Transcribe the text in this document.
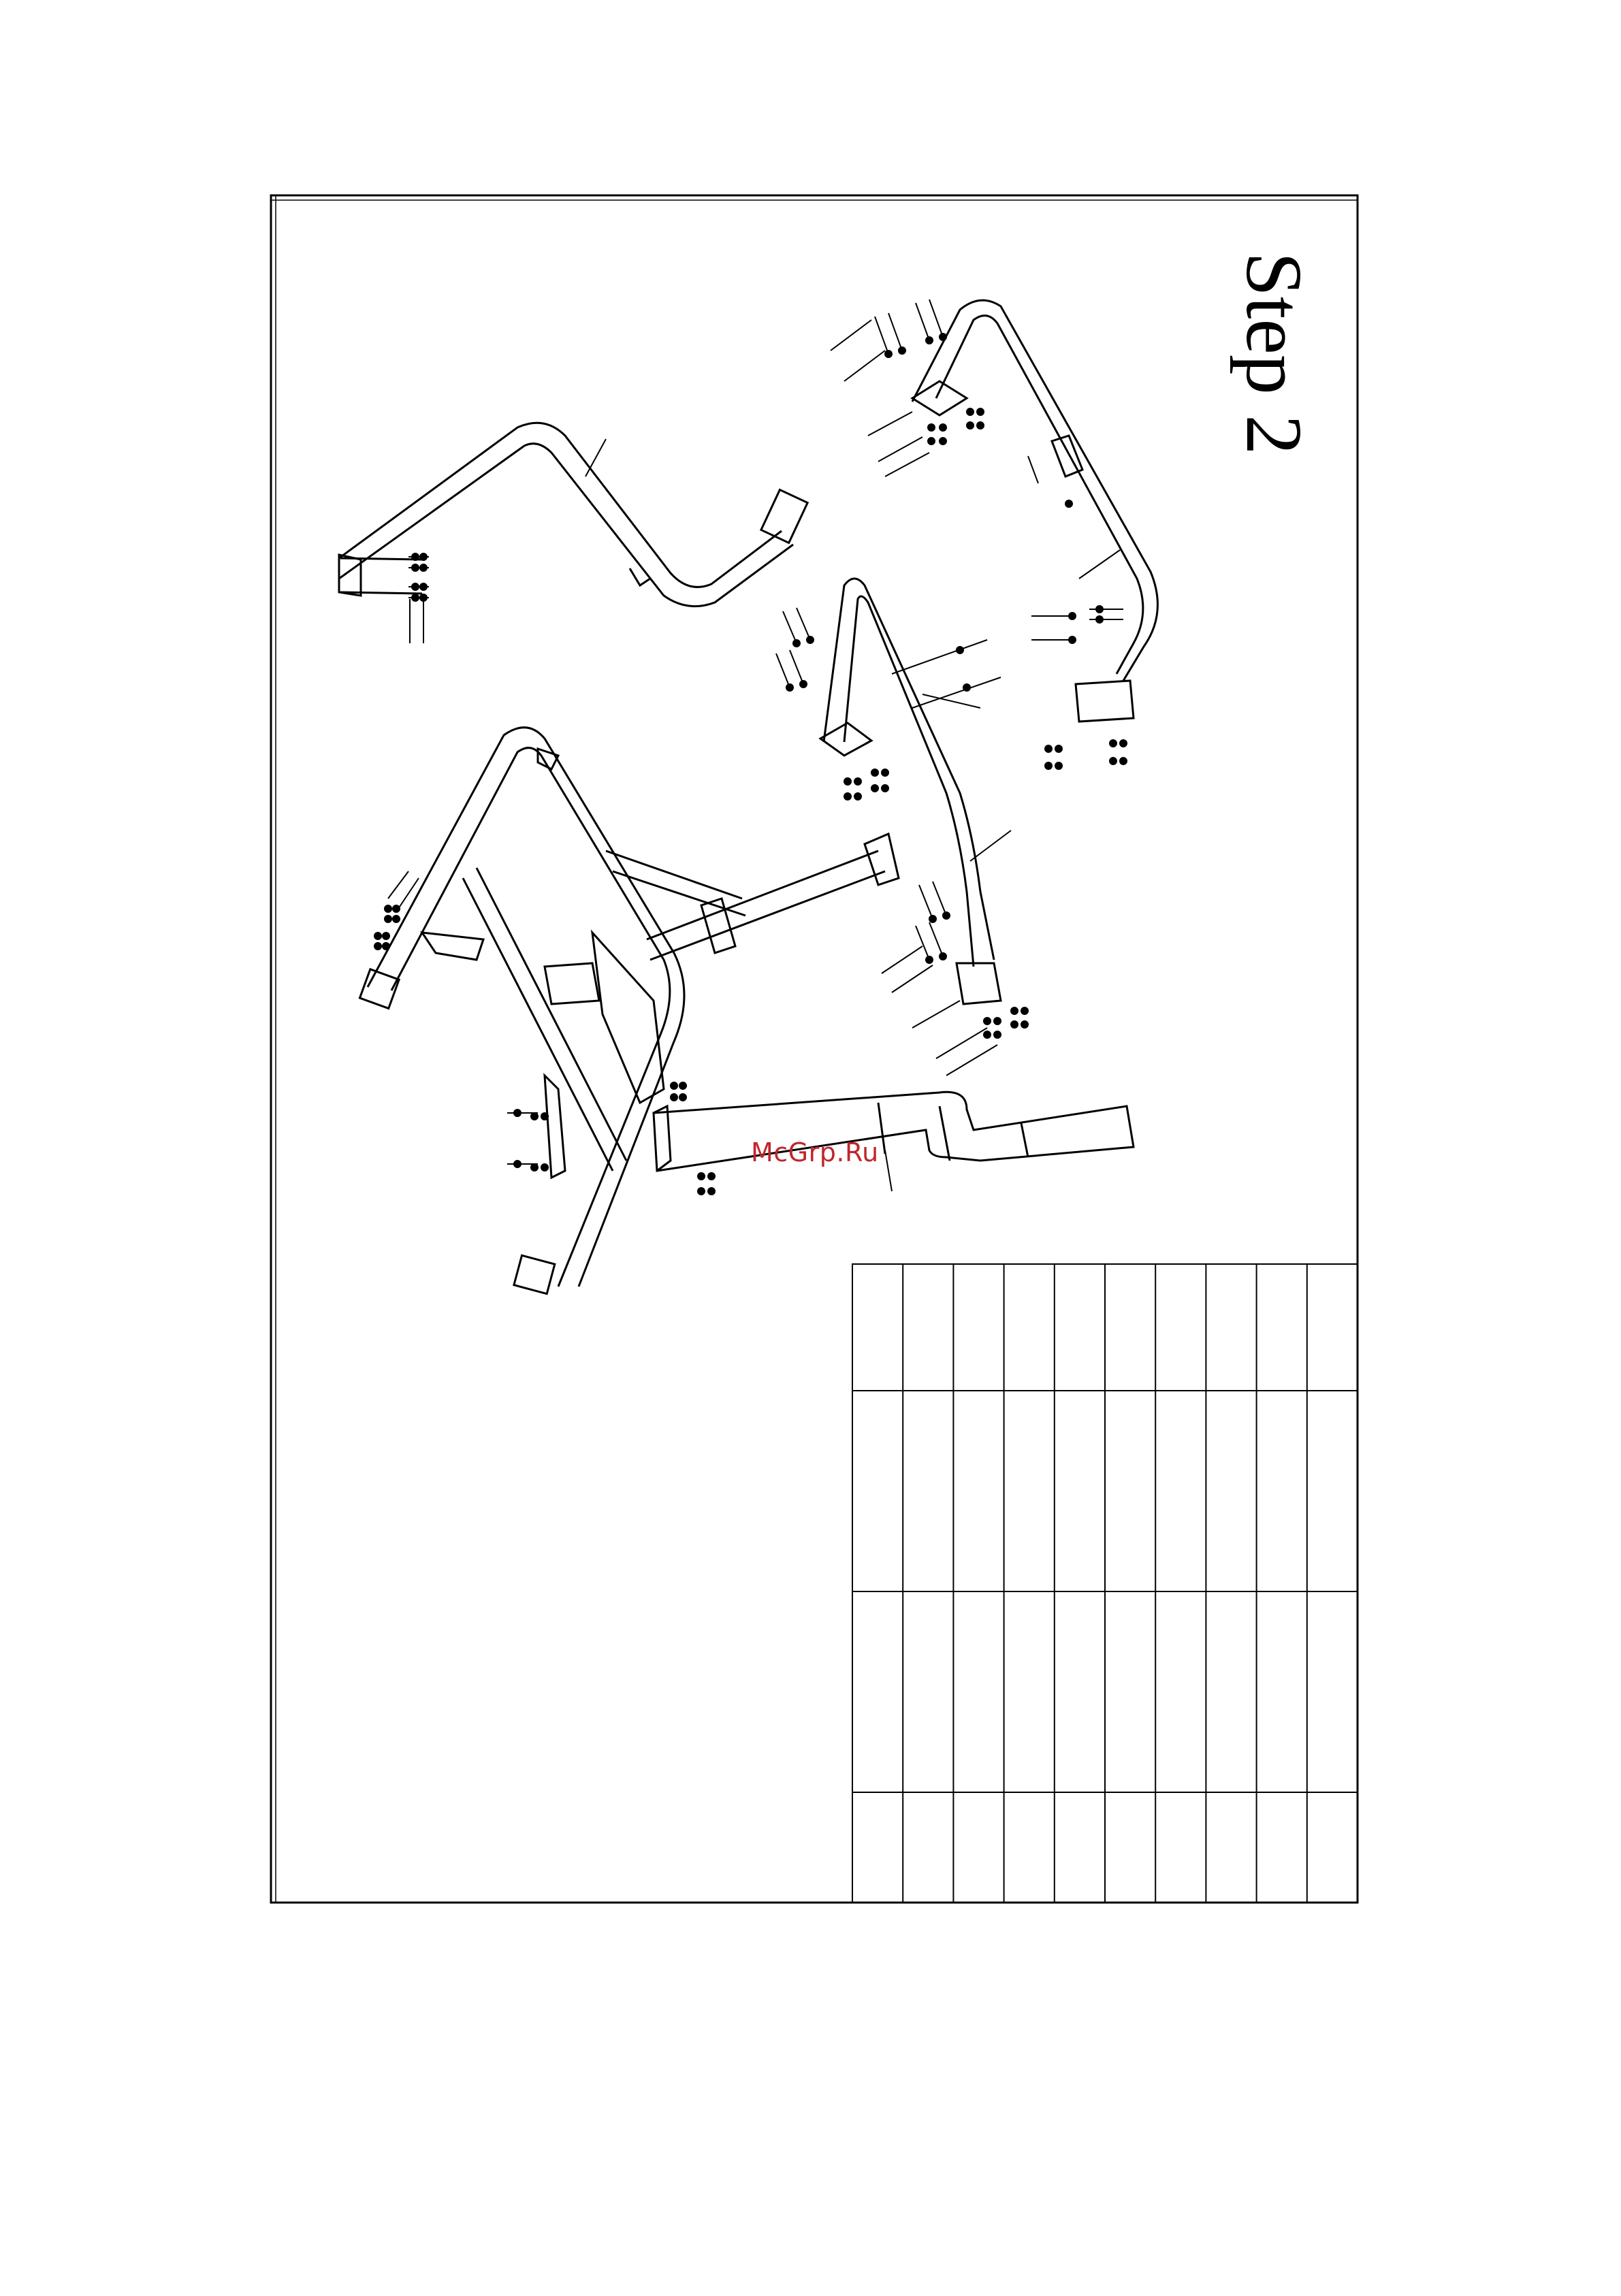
Step 2
McGrp.Ru
